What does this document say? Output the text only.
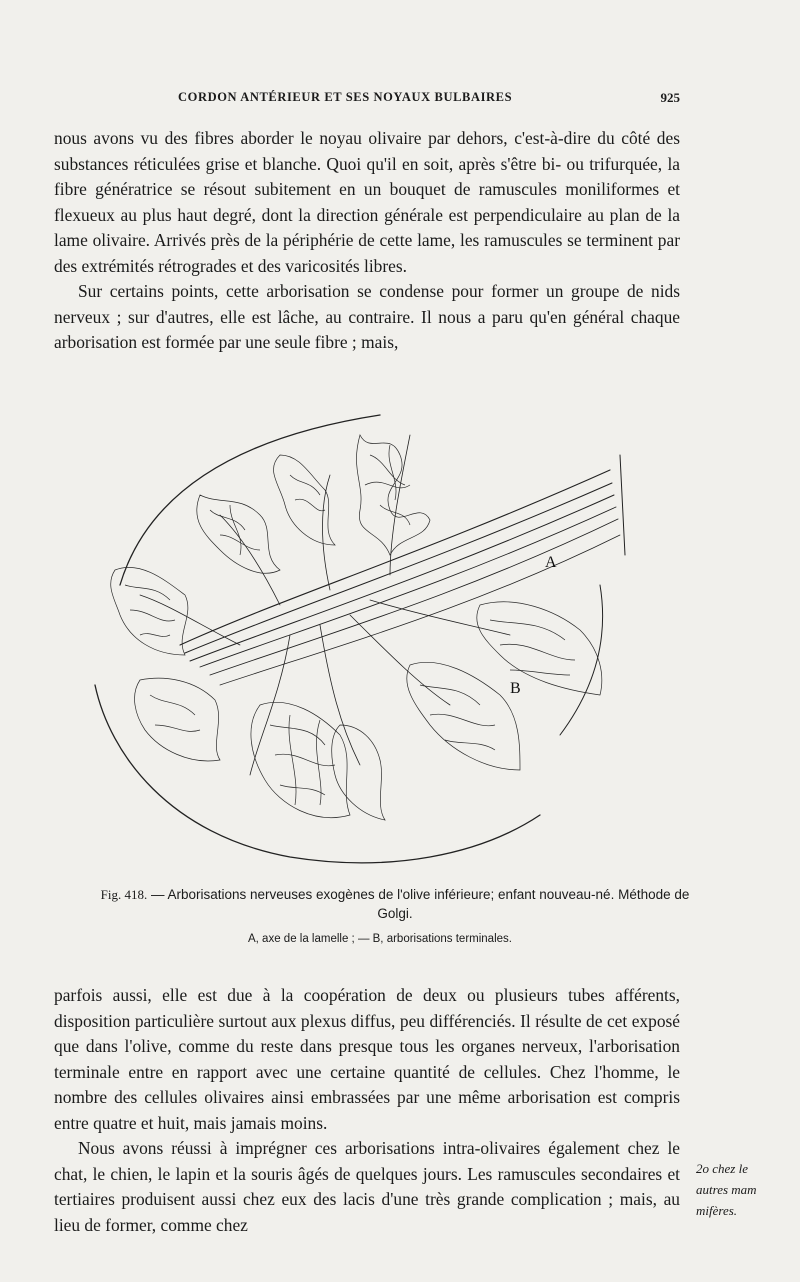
CORDON ANTÉRIEUR ET SES NOYAUX BULBAIRES	925

nous avons vu des fibres aborder le noyau olivaire par dehors, c'est-à-dire du côté des substances réticulées grise et blanche. Quoi qu'il en soit, après s'être bi- ou trifurquée, la fibre génératrice se résout subitement en un bouquet de ramuscules moniliformes et flexueux au plus haut degré, dont la direction générale est perpendiculaire au plan de la lame olivaire. Arrivés près de la périphérie de cette lame, les ramuscules se terminent par des extrémités rétrogrades et des varicosités libres.

Sur certains points, cette arborisation se condense pour former un groupe de nids nerveux ; sur d'autres, elle est lâche, au contraire. Il nous a paru qu'en général chaque arborisation est formée par une seule fibre ; mais,

A
B
Fig. 418. — Arborisations nerveuses exogènes de l'olive inférieure; enfant nouveau-né. Méthode de Golgi.
A, axe de la lamelle ; — B, arborisations terminales.

parfois aussi, elle est due à la coopération de deux ou plusieurs tubes afférents, disposition particulière surtout aux plexus diffus, peu différenciés. Il résulte de cet exposé que dans l'olive, comme du reste dans presque tous les organes nerveux, l'arborisation terminale entre en rapport avec une certaine quantité de cellules. Chez l'homme, le nombre des cellules olivaires ainsi embrassées par une même arborisation est compris entre quatre et huit, mais jamais moins.

Nous avons réussi à imprégner ces arborisations intra-olivaires également chez le chat, le chien, le lapin et la souris âgés de quelques jours. Les ramuscules secondaires et tertiaires produisent aussi chez eux des lacis d'une très grande complication ; mais, au lieu de former, comme chez

2o chez le
autres mam
mifères.
